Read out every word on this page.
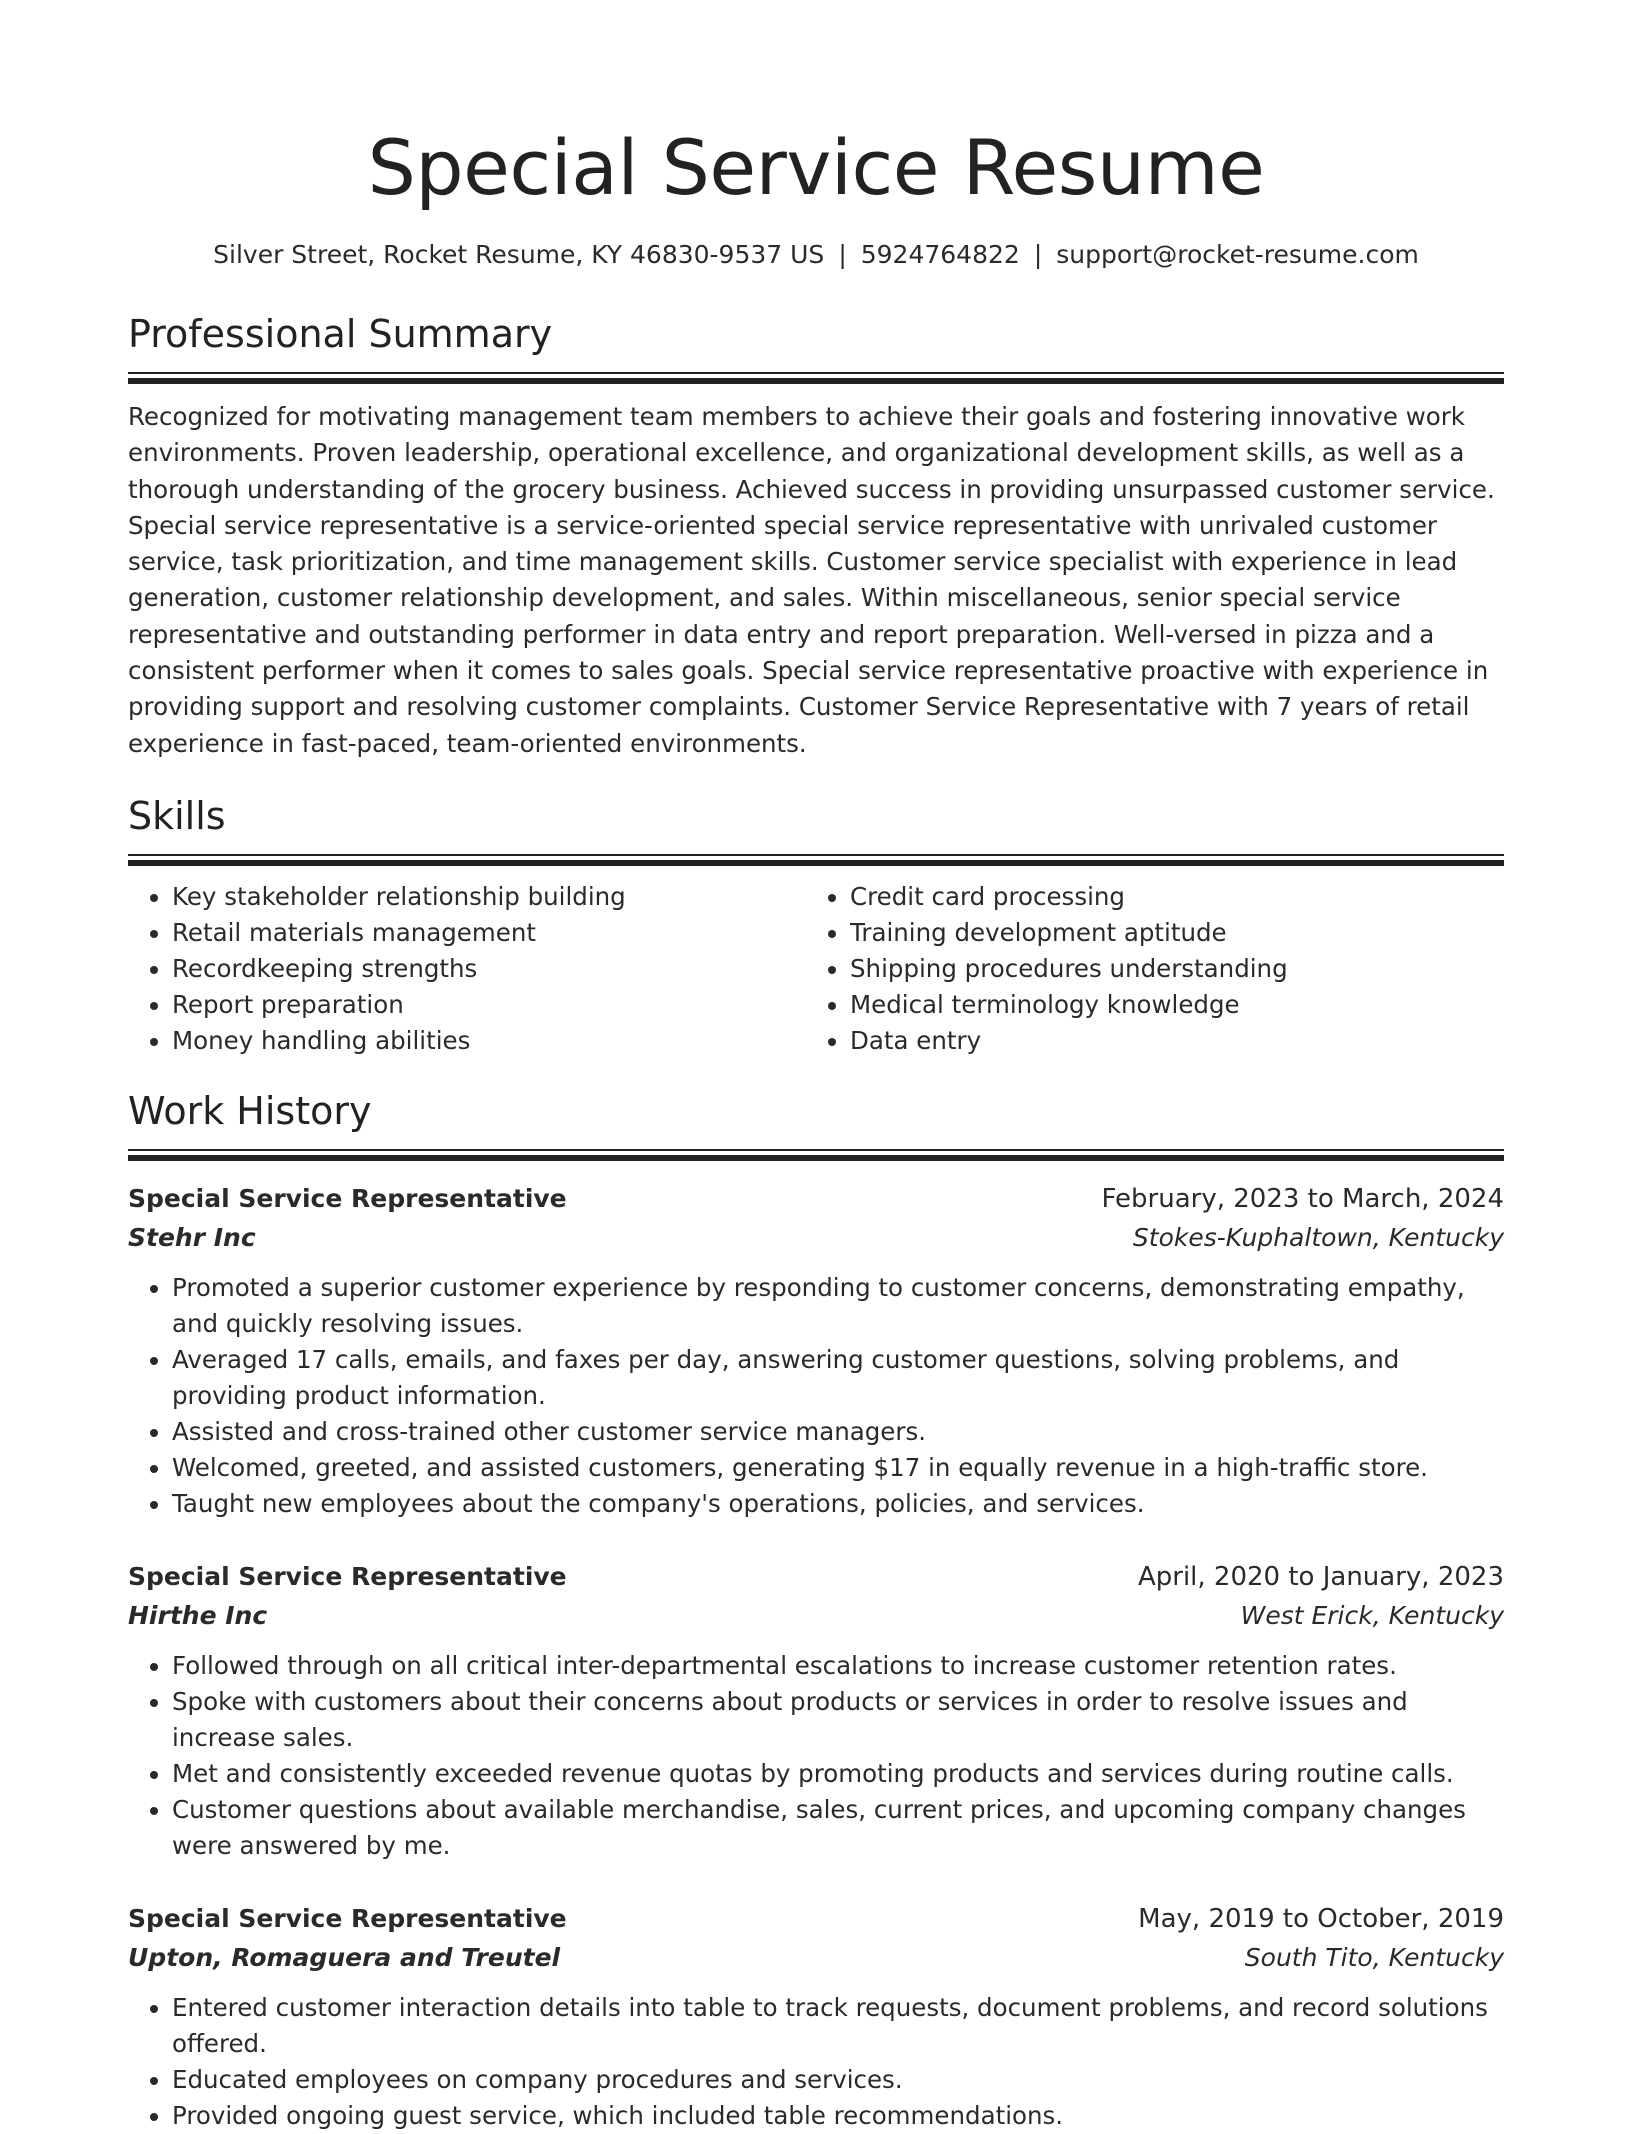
Special Service Resume
Silver Street, Rocket Resume, KY 46830-9537 US | 5924764822 | support@rocket-resume.com
Professional Summary

Recognized for motivating management team members to achieve their goals and fostering innovative work environments. Proven leadership, operational excellence, and organizational development skills, as well as a thorough understanding of the grocery business. Achieved success in providing unsurpassed customer service. Special service representative is a service-oriented special service representative with unrivaled customer service, task prioritization, and time management skills. Customer service specialist with experience in lead generation, customer relationship development, and sales. Within miscellaneous, senior special service representative and outstanding performer in data entry and report preparation. Well-versed in pizza and a consistent performer when it comes to sales goals. Special service representative proactive with experience in providing support and resolving customer complaints. Customer Service Representative with 7 years of retail experience in fast-paced, team-oriented environments.

Skills
• Key stakeholder relationship building
• Retail materials management
• Recordkeeping strengths
• Report preparation
• Money handling abilities
• Credit card processing
• Training development aptitude
• Shipping procedures understanding
• Medical terminology knowledge
• Data entry
Work History
Special Service Representative	February, 2023 to March, 2024
Stehr Inc	Stokes-Kuphaltown, Kentucky
• Promoted a superior customer experience by responding to customer concerns, demonstrating empathy, and quickly resolving issues.
• Averaged 17 calls, emails, and faxes per day, answering customer questions, solving problems, and providing product information.
• Assisted and cross-trained other customer service managers.
• Welcomed, greeted, and assisted customers, generating $17 in equally revenue in a high-traffic store.
• Taught new employees about the company's operations, policies, and services.
Special Service Representative	April, 2020 to January, 2023
Hirthe Inc	West Erick, Kentucky
• Followed through on all critical inter-departmental escalations to increase customer retention rates.
• Spoke with customers about their concerns about products or services in order to resolve issues and increase sales.
• Met and consistently exceeded revenue quotas by promoting products and services during routine calls.
• Customer questions about available merchandise, sales, current prices, and upcoming company changes were answered by me.
Special Service Representative	May, 2019 to October, 2019
Upton, Romaguera and Treutel	South Tito, Kentucky
• Entered customer interaction details into table to track requests, document problems, and record solutions offered.
• Educated employees on company procedures and services.
• Provided ongoing guest service, which included table recommendations.
